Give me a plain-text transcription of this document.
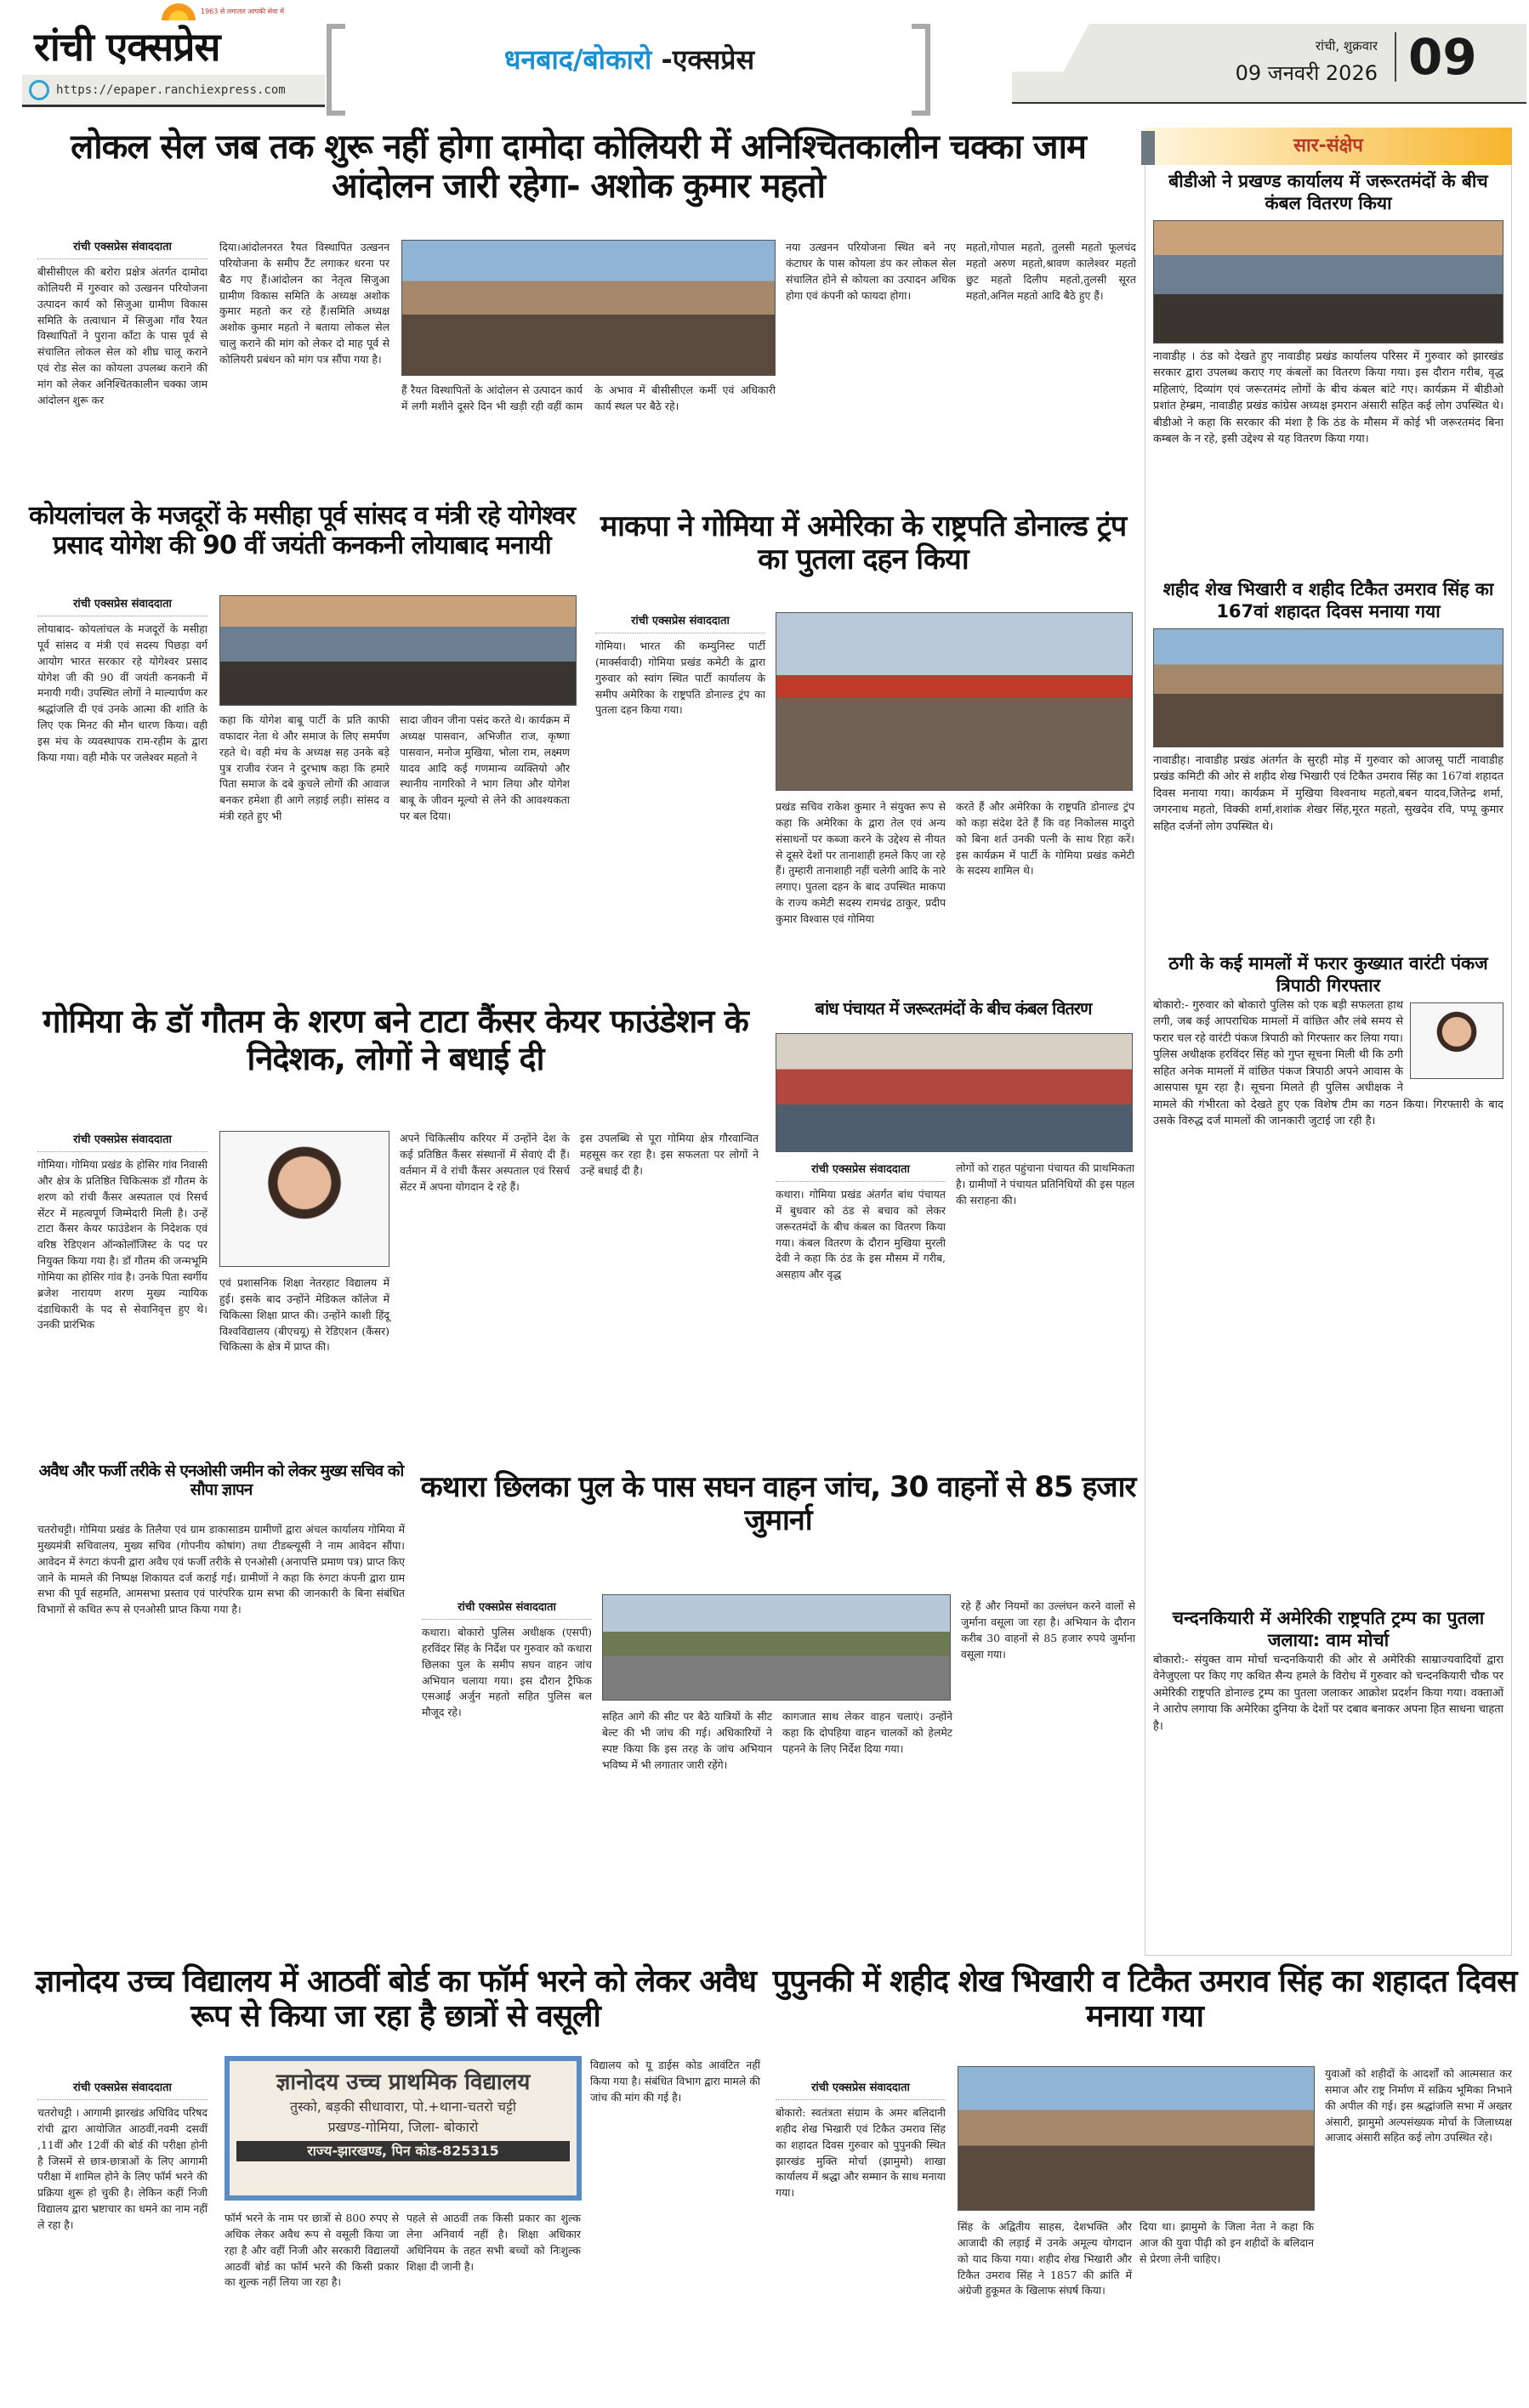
1963 से लगातार आपकी सेवा में
रांची एक्सप्रेस
https://epaper.ranchiexpress.com
धनबाद/बोकारो -एक्सप्रेस	रांची, शुक्रवार
09 जनवरी 2026 09
लोकल सेल जब तक शुरू नहीं होगा दामोदा कोलियरी में अनिश्चितकालीन चक्का जाम आंदोलन जारी रहेगा- अशोक कुमार महतो
रांची एक्सप्रेस संवाददाता
बीसीसीएल की बरोरा प्रक्षेत्र अंतर्गत दामोदा कोलियरी में गुरुवार को उत्खनन परियोजना उत्पादन कार्य को सिजुआ ग्रामीण विकास समिति के तत्वाधान में सिजुआ गाँव रैयत विस्थापितों ने पुराना काँटा के पास पूर्व से संचालित लोकल सेल को शीघ्र चालू कराने एवं रोड सेल का कोयला उपलब्ध कराने की मांग को लेकर अनिश्चितकालीन चक्का जाम आंदोलन शुरू कर
दिया।आंदोलनरत रैयत विस्थापित उत्खनन परियोजना के समीप टैंट लगाकर धरना पर बैठ गए हैं।आंदोलन का नेतृत्व सिजुआ ग्रामीण विकास समिति के अध्यक्ष अशोक कुमार महतो कर रहे हैं।समिति अध्यक्ष अशोक कुमार महतो ने बताया लोकल सेल चालु कराने की मांग को लेकर दो माह पूर्व से कोलियरी प्रबंधन को मांग पत्र सौंपा गया है।
हैं रैयत विस्थापितों के आंदोलन से उत्पादन कार्य में लगी मशीने दूसरे दिन भी खड़ी रही वहीं काम के अभाव में बीसीसीएल कर्मी एवं अधिकारी कार्य स्थल पर बैठे रहे।
नया उत्खनन परियोजना स्थित बने नए कंटाघर के पास कोयला डंप कर लोकल सेल संचालित होने से कोयला का उत्पादन अधिक होगा एवं कंपनी को फायदा होगा।
महतो,गोपाल महतो, तुलसी महतो फूलचंद महतो अरुण महतो,श्रावण कालेश्वर महतो छुट महतो दिलीप महतो,तुलसी सूरत महतो,अनिल महतो आदि बैठे हुए हैं।
कोयलांचल के मजदूरों के मसीहा पूर्व सांसद व मंत्री रहे योगेश्वर प्रसाद योगेश की 90 वीं जयंती कनकनी लोयाबाद मनायी
रांची एक्सप्रेस संवाददाता
लोयाबाद- कोयलांचल के मजदूरों के मसीहा पूर्व सांसद व मंत्री एवं सदस्य पिछड़ा वर्ग आयोग भारत सरकार रहे योगेश्वर प्रसाद योगेश जी की 90 वीं जयंती कनकनी में मनायी गयी। उपस्थित लोगों ने माल्यार्पण कर श्रद्धांजलि दी एवं उनके आत्मा की शांति के लिए एक मिनट की मौन धारण किया। वही इस मंच के व्यवस्थापक राम-रहीम के द्वारा किया गया। वही मौके पर जलेश्वर महतो ने
कहा कि योगेश बाबू पार्टी के प्रति काफी वफादार नेता थे और समाज के लिए समर्पण रहते थे। वही मंच के अध्यक्ष सह उनके बड़े पुत्र राजीव रंजन ने दुरभाष कहा कि हमारे पिता समाज के दबे कुचले लोगों की आवाज बनकर हमेशा ही आगे लड़ाई लड़ी। सांसद व मंत्री रहते हुए भी
सादा जीवन जीना पसंद करते थे। कार्यक्रम में अध्यक्ष पासवान, अभिजीत राज, कृष्णा पासवान, मनोज मुखिया, भोला राम, लक्ष्मण यादव आदि कई गणमान्य व्यक्तियो और स्थानीय नागरिको ने भाग लिया और योगेश बाबू के जीवन मूल्यो से लेने की आवश्यकता पर बल दिया।
माकपा ने गोमिया में अमेरिका के राष्ट्रपति डोनाल्ड ट्रंप का पुतला दहन किया
रांची एक्सप्रेस संवाददाता
गोमिया। भारत की कम्युनिस्ट पार्टी (मार्क्सवादी) गोमिया प्रखंड कमेटी के द्वारा गुरुवार को स्वांग स्थित पार्टी कार्यालय के समीप अमेरिका के राष्ट्रपति डोनाल्ड ट्रंप का पुतला दहन किया गया।
प्रखंड सचिव राकेश कुमार ने संयुक्त रूप से कहा कि अमेरिका के द्वारा तेल एवं अन्य संसाधनों पर कब्जा करने के उद्देश्य से नीयत से दूसरे देशों पर तानाशाही हमले किए जा रहे हैं। तुम्हारी तानाशाही नहीं चलेगी आदि के नारे लगाए। पुतला दहन के बाद उपस्थित माकपा के राज्य कमेटी सदस्य रामचंद्र ठाकुर, प्रदीप कुमार विश्वास एवं गोमिया
करते हैं और अमेरिका के राष्ट्रपति डोनाल्ड ट्रंप को कड़ा संदेश देते हैं कि वह निकोलस मादुरो को बिना शर्त उनकी पत्नी के साथ रिहा करें। इस कार्यक्रम में पार्टी के गोमिया प्रखंड कमेटी के सदस्य शामिल थे।
गोमिया के डॉ गौतम के शरण बने टाटा कैंसर केयर फाउंडेशन के निदेशक, लोगों ने बधाई दी
रांची एक्सप्रेस संवाददाता
गोमिया। गोमिया प्रखंड के होसिर गांव निवासी और क्षेत्र के प्रतिष्ठित चिकित्सक डॉ गौतम के शरण को रांची कैंसर अस्पताल एवं रिसर्च सेंटर में महत्वपूर्ण जिम्मेदारी मिली है। उन्हें टाटा कैंसर केयर फाउंडेशन के निदेशक एवं वरिष्ठ रेडिएशन ऑन्कोलॉजिस्ट के पद पर नियुक्त किया गया है। डॉ गौतम की जन्मभूमि गोमिया का होसिर गांव है। उनके पिता स्वर्गीय ब्रजेश नारायण शरण मुख्य न्यायिक दंडाधिकारी के पद से सेवानिवृत्त हुए थे। उनकी प्रारंभिक
एवं प्रशासनिक शिक्षा नेतरहाट विद्यालय में हुई। इसके बाद उन्होंने मेडिकल कॉलेज में चिकित्सा शिक्षा प्राप्त की। उन्होंने काशी हिंदू विश्वविद्यालय (बीएचयू) से रेडिएशन (कैंसर) चिकित्सा के क्षेत्र में प्राप्त की।
अपने चिकित्सीय करियर में उन्होंने देश के कई प्रतिष्ठित कैंसर संस्थानों में सेवाएं दी हैं। वर्तमान में वे रांची कैंसर अस्पताल एवं रिसर्च सेंटर में अपना योगदान दे रहे हैं।
इस उपलब्धि से पूरा गोमिया क्षेत्र गौरवान्वित महसूस कर रहा है। इस सफलता पर लोगों ने उन्हें बधाई दी है।
बांध पंचायत में जरूरतमंदों के बीच कंबल वितरण
रांची एक्सप्रेस संवाददाता
कथारा। गोमिया प्रखंड अंतर्गत बांध पंचायत में बुधवार को ठंड से बचाव को लेकर जरूरतमंदों के बीच कंबल का वितरण किया गया। कंबल वितरण के दौरान मुखिया मुरली देवी ने कहा कि ठंड के इस मौसम में गरीब, असहाय और वृद्ध
लोगों को राहत पहुंचाना पंचायत की प्राथमिकता है। ग्रामीणों ने पंचायत प्रतिनिधियों की इस पहल की सराहना की।
अवैध और फर्जी तरीके से एनओसी जमीन को लेकर मुख्य सचिव को सौपा ज्ञापन
चतरोचट्टी। गोमिया प्रखंड के तिलैया एवं ग्राम डाकासाडम ग्रामीणों द्वारा अंचल कार्यालय गोमिया में मुख्यमंत्री सचिवालय, मुख्य सचिव (गोपनीय कोषांग) तथा टीडब्ल्यूसी ने नाम आवेदन सौंपा। आवेदन में रुंगटा कंपनी द्वारा अवैध एवं फर्जी तरीके से एनओसी (अनापत्ति प्रमाण पत्र) प्राप्त किए जाने के मामले की निष्पक्ष शिकायत दर्ज कराई गई। ग्रामीणों ने कहा कि रुंगटा कंपनी द्वारा ग्राम सभा की पूर्व सहमति, आमसभा प्रस्ताव एवं पारंपरिक ग्राम सभा की जानकारी के बिना संबंधित विभागों से कथित रूप से एनओसी प्राप्त किया गया है।
कथारा छिलका पुल के पास सघन वाहन जांच, 30 वाहनों से 85 हजार जुमार्ना
रांची एक्सप्रेस संवाददाता
कथारा। बोकारो पुलिस अधीक्षक (एसपी) हरविंदर सिंह के निर्देश पर गुरुवार को कथारा छिलका पुल के समीप सघन वाहन जांच अभियान चलाया गया। इस दौरान ट्रैफिक एसआई अर्जुन महतो सहित पुलिस बल मौजूद रहे।	सहित आगे की सीट पर बैठे यात्रियों के सीट बेल्ट की भी जांच की गई। अधिकारियों ने स्पष्ट किया कि इस तरह के जांच अभियान भविष्य में भी लगातार जारी रहेंगे।
कागजात साथ लेकर वाहन चलाएं। उन्होंने कहा कि दोपहिया वाहन चालकों को हेलमेट पहनने के लिए निर्देश दिया गया।
रहे हैं और नियमों का उल्लंघन करने वालों से जुर्माना वसूला जा रहा है। अभियान के दौरान करीब 30 वाहनों से 85 हजार रुपये जुर्माना वसूला गया।
सार-संक्षेप
बीडीओ ने प्रखण्ड कार्यालय में जरूरतमंदों के बीच कंबल वितरण किया
नावाडीह । ठंड को देखते हुए नावाडीह प्रखंड कार्यालय परिसर में गुरुवार को झारखंड सरकार द्वारा उपलब्ध कराए गए कंबलों का वितरण किया गया। इस दौरान गरीब, वृद्ध महिलाएं, दिव्यांग एवं जरूरतमंद लोगों के बीच कंबल बांटे गए। कार्यक्रम में बीडीओ प्रशांत हेम्ब्रम, नावाडीह प्रखंड कांग्रेस अध्यक्ष इमरान अंसारी सहित कई लोग उपस्थित थे। बीडीओ ने कहा कि सरकार की मंशा है कि ठंड के मौसम में कोई भी जरूरतमंद बिना कम्बल के न रहे, इसी उद्देश्य से यह वितरण किया गया।
शहीद शेख भिखारी व शहीद टिकैत उमराव सिंह का 167वां शहादत दिवस मनाया गया
नावाडीह। नावाडीह प्रखंड अंतर्गत के सुरही मोड़ में गुरुवार को आजसू पार्टी नावाडीह प्रखंड कमिटी की ओर से शहीद शेख भिखारी एवं टिकैत उमराव सिंह का 167वां शहादत दिवस मनाया गया। कार्यक्रम में मुखिया विश्वनाथ महतो,बबन यादव,जितेन्द्र शर्मा, जगरनाथ महतो, विक्की शर्मा,शशांक शेखर सिंह,मूरत महतो, सुखदेव रवि, पप्पू कुमार सहित दर्जनों लोग उपस्थित थे।
ठगी के कई मामलों में फरार कुख्यात वारंटी पंकज त्रिपाठी गिरफ्तार
बोकारो:- गुरुवार को बोकारो पुलिस को एक बड़ी सफलता हाथ लगी, जब कई आपराधिक मामलों में वांछित और लंबे समय से फरार चल रहे वारंटी पंकज त्रिपाठी को गिरफ्तार कर लिया गया। पुलिस अधीक्षक हरविंदर सिंह को गुप्त सूचना मिली थी कि ठगी सहित अनेक मामलों में वांछित पंकज त्रिपाठी अपने आवास के आसपास घूम रहा है। सूचना मिलते ही पुलिस अधीक्षक ने मामले की गंभीरता को देखते हुए एक विशेष टीम का गठन किया। गिरफ्तारी के बाद उसके विरुद्ध दर्ज मामलों की जानकारी जुटाई जा रही है।
चन्दनकियारी में अमेरिकी राष्ट्रपति ट्रम्प का पुतला जलाया: वाम मोर्चा
बोकारो:- संयुक्त वाम मोर्चा चन्दनकियारी की ओर से अमेरिकी साम्राज्यवादियों द्वारा वेनेजुएला पर किए गए कथित सैन्य हमले के विरोध में गुरुवार को चन्दनकियारी चौक पर अमेरिकी राष्ट्रपति डोनाल्ड ट्रम्प का पुतला जलाकर आक्रोश प्रदर्शन किया गया। वक्ताओं ने आरोप लगाया कि अमेरिका दुनिया के देशों पर दबाव बनाकर अपना हित साधना चाहता है।
ज्ञानोदय उच्च विद्यालय में आठवीं बोर्ड का फॉर्म भरने को लेकर अवैध रूप से किया जा रहा है छात्रों से वसूली
रांची एक्सप्रेस संवाददाता
चतरोचट्टी । आगामी झारखंड अधिविद परिषद रांची द्वारा आयोजित आठवीं,नवमी दसवीं ,11वीं और 12वीं की बोर्ड की परीक्षा होनी है जिसमें से छात्र-छात्राओं के लिए आगामी परीक्षा में शामिल होने के लिए फॉर्म भरने की प्रक्रिया शुरू हो चुकी है। लेकिन कहीं निजी विद्यालय द्वारा भ्रष्टाचार का धमने का नाम नहीं ले रहा है।
ज्ञानोदय उच्च प्राथमिक विद्यालय
तुस्को, बड़की सीधावारा, पो.+थाना-चतरो चट्टी
प्रखण्ड-गोमिया, जिला- बोकारो
राज्य-झारखण्ड, पिन कोड-825315
फॉर्म भरने के नाम पर छात्रों से 800 रुपए से अधिक लेकर अवैध रूप से वसूली किया जा रहा है और वहीं निजी और सरकारी विद्यालयों आठवीं बोर्ड का फॉर्म भरने की किसी प्रकार का शुल्क नहीं लिया जा रहा है।
पहले से आठवीं तक किसी प्रकार का शुल्क लेना अनिवार्य नहीं है। शिक्षा अधिकार अधिनियम के तहत सभी बच्चों को निःशुल्क शिक्षा दी जानी है।
विद्यालय को यू डाईस कोड आवंटित नहीं किया गया है। संबंधित विभाग द्वारा मामले की जांच की मांग की गई है।
पुपुनकी में शहीद शेख भिखारी व टिकैत उमराव सिंह का शहादत दिवस मनाया गया
रांची एक्सप्रेस संवाददाता
बोकारो: स्वतंत्रता संग्राम के अमर बलिदानी शहीद शेख भिखारी एवं टिकैत उमराव सिंह का शहादत दिवस गुरुवार को पुपुनकी स्थित झारखंड मुक्ति मोर्चा (झामुमो) शाखा कार्यालय में श्रद्धा और सम्मान के साथ मनाया गया।
सिंह के अद्वितीय साहस, देशभक्ति और आजादी की लड़ाई में उनके अमूल्य योगदान को याद किया गया। शहीद शेख भिखारी और टिकैत उमराव सिंह ने 1857 की क्रांति में अंग्रेजी हुकूमत के खिलाफ संघर्ष किया।
दिया था। झामुमो के जिला नेता ने कहा कि आज की युवा पीढ़ी को इन शहीदों के बलिदान से प्रेरणा लेनी चाहिए।
युवाओं को शहीदों के आदर्शों को आत्मसात कर समाज और राष्ट्र निर्माण में सक्रिय भूमिका निभाने की अपील की गई। इस श्रद्धांजलि सभा में अख्तर अंसारी, झामुमो अल्पसंख्यक मोर्चा के जिलाध्यक्ष आजाद अंसारी सहित कई लोग उपस्थित रहे।
